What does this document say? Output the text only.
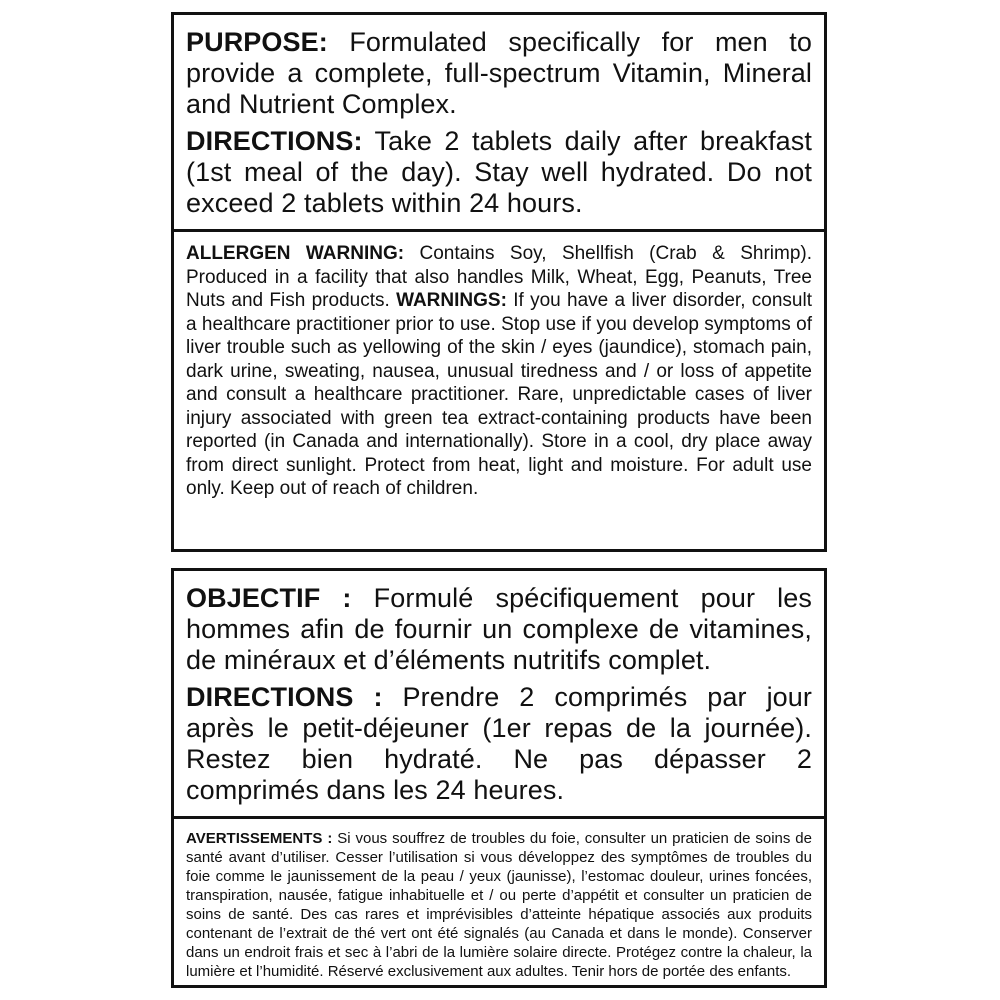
PURPOSE: Formulated specifically for men to provide a complete, full-spectrum Vitamin, Mineral and Nutrient Complex.

DIRECTIONS: Take 2 tablets daily after breakfast (1st meal of the day). Stay well hydrated. Do not exceed 2 tablets within 24 hours.

ALLERGEN WARNING: Contains Soy, Shellfish (Crab & Shrimp). Produced in a facility that also handles Milk, Wheat, Egg, Peanuts, Tree Nuts and Fish products. WARNINGS: If you have a liver disorder, consult a healthcare practitioner prior to use. Stop use if you develop symptoms of liver trouble such as yellowing of the skin / eyes (jaundice), stomach pain, dark urine, sweating, nausea, unusual tiredness and / or loss of appetite and consult a healthcare practitioner. Rare, unpredictable cases of liver injury associated with green tea extract-containing products have been reported (in Canada and internationally). Store in a cool, dry place away from direct sunlight. Protect from heat, light and moisture. For adult use only. Keep out of reach of children.

OBJECTIF : Formulé spécifiquement pour les hommes afin de fournir un complexe de vitamines, de minéraux et d’éléments nutritifs complet.

DIRECTIONS : Prendre 2 comprimés par jour après le petit-déjeuner (1er repas de la journée). Restez bien hydraté. Ne pas dépasser 2 comprimés dans les 24 heures.

AVERTISSEMENTS : Si vous souffrez de troubles du foie, consulter un praticien de soins de santé avant d’utiliser. Cesser l’utilisation si vous développez des symptômes de troubles du foie comme le jaunissement de la peau / yeux (jaunisse), l’estomac douleur, urines foncées, transpiration, nausée, fatigue inhabituelle et / ou perte d’appétit et consulter un praticien de soins de santé. Des cas rares et imprévisibles d’atteinte hépatique associés aux produits contenant de l’extrait de thé vert ont été signalés (au Canada et dans le monde). Conserver dans un endroit frais et sec à l’abri de la lumière solaire directe. Protégez contre la chaleur, la lumière et l’humidité. Réservé exclusivement aux adultes. Tenir hors de portée des enfants.
